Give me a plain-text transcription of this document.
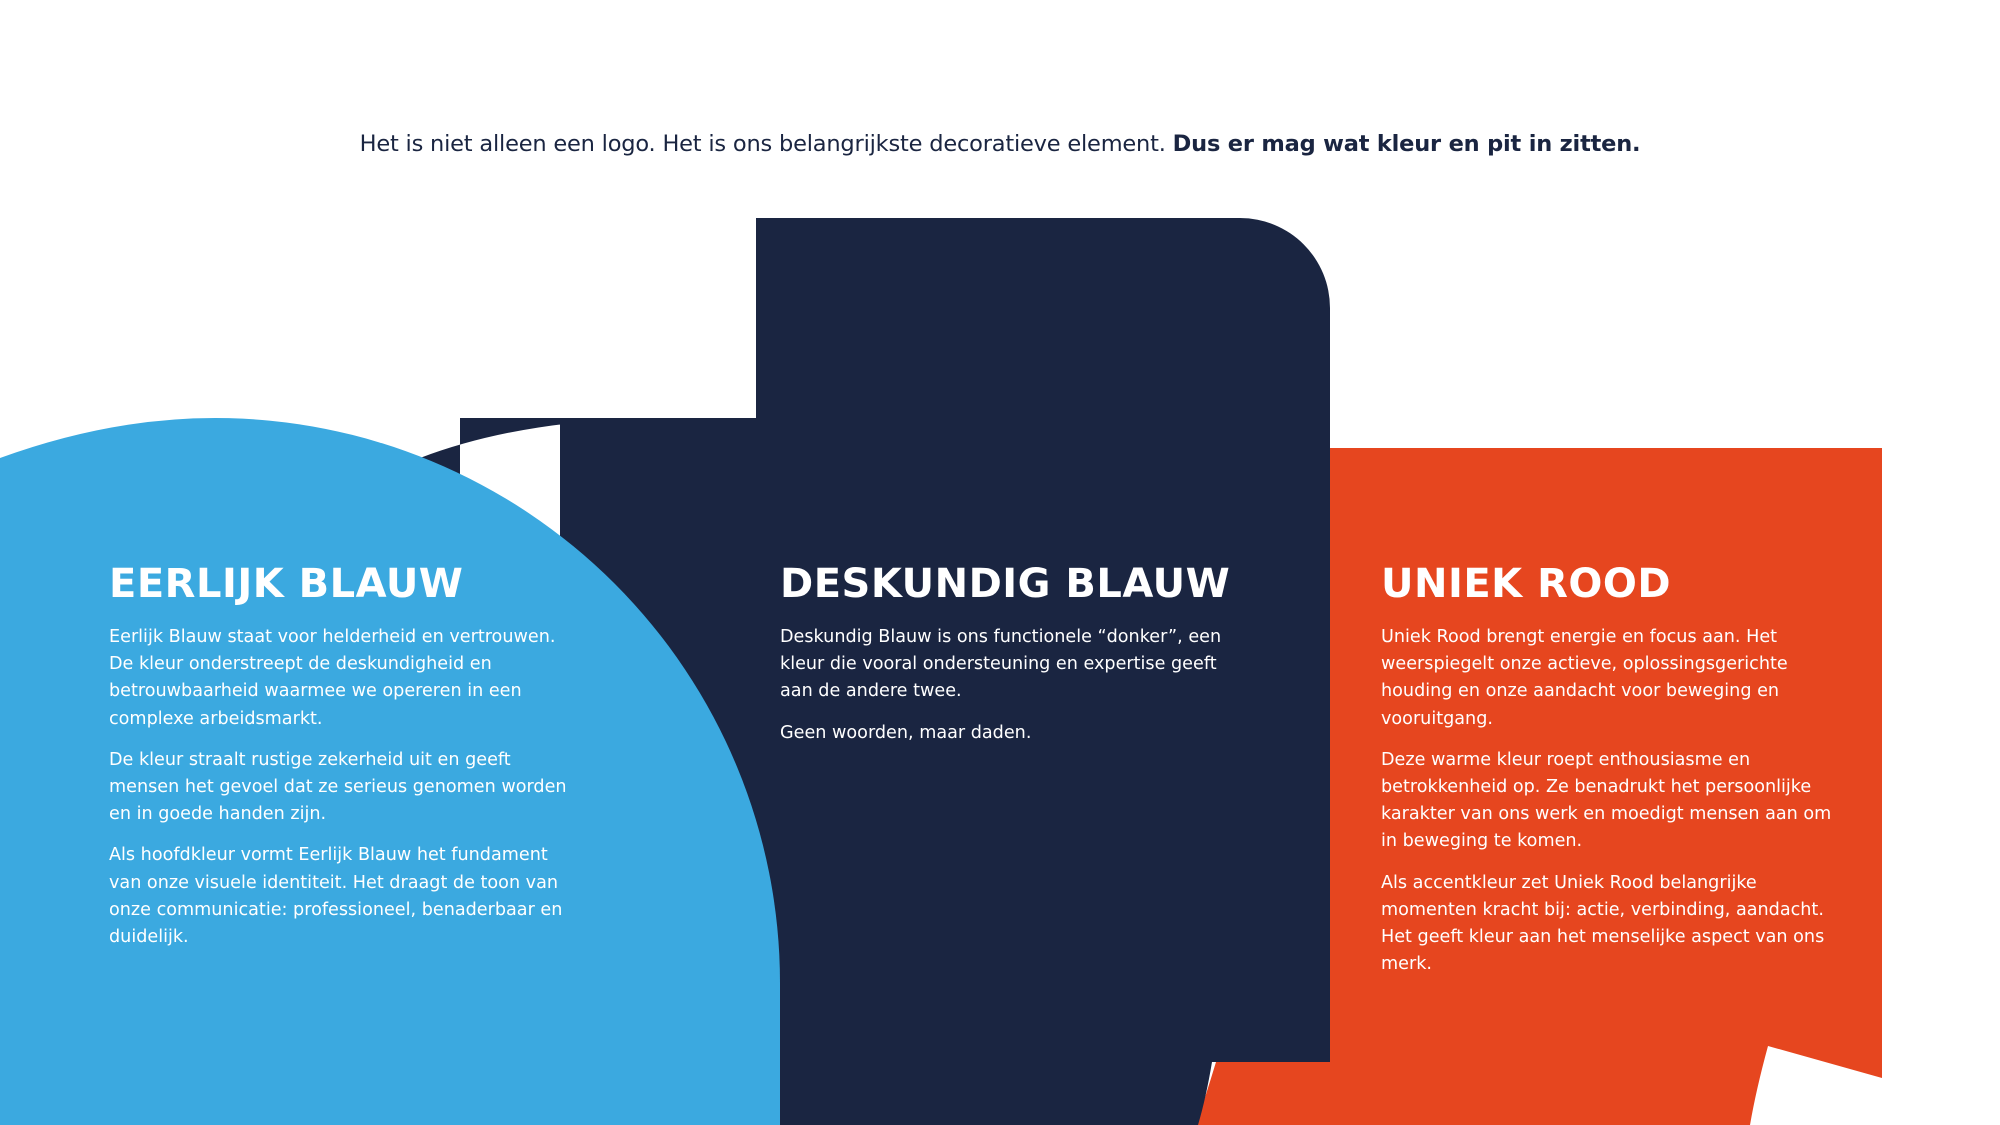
Het is niet alleen een logo. Het is ons belangrijkste decoratieve element. Dus er mag wat kleur en pit in zitten.
EERLIJK BLAUW

Eerlijk Blauw staat voor helderheid en vertrouwen. De kleur onderstreept de deskundigheid en betrouwbaarheid waarmee we opereren in een complexe arbeidsmarkt.

De kleur straalt rustige zekerheid uit en geeft mensen het gevoel dat ze serieus genomen worden en in goede handen zijn.

Als hoofdkleur vormt Eerlijk Blauw het fundament van onze visuele identiteit. Het draagt de toon van onze communicatie: professioneel, benaderbaar en duidelijk.

DESKUNDIG BLAUW

Deskundig Blauw is ons functionele “donker”, een kleur die vooral ondersteuning en expertise geeft aan de andere twee.

Geen woorden, maar daden.

UNIEK ROOD

Uniek Rood brengt energie en focus aan. Het weerspiegelt onze actieve, oplossingsgerichte houding en onze aandacht voor beweging en vooruitgang.

Deze warme kleur roept enthousiasme en betrokkenheid op. Ze benadrukt het persoonlijke karakter van ons werk en moedigt mensen aan om in beweging te komen.

Als accentkleur zet Uniek Rood belangrijke momenten kracht bij: actie, verbinding, aandacht. Het geeft kleur aan het menselijke aspect van ons merk.
